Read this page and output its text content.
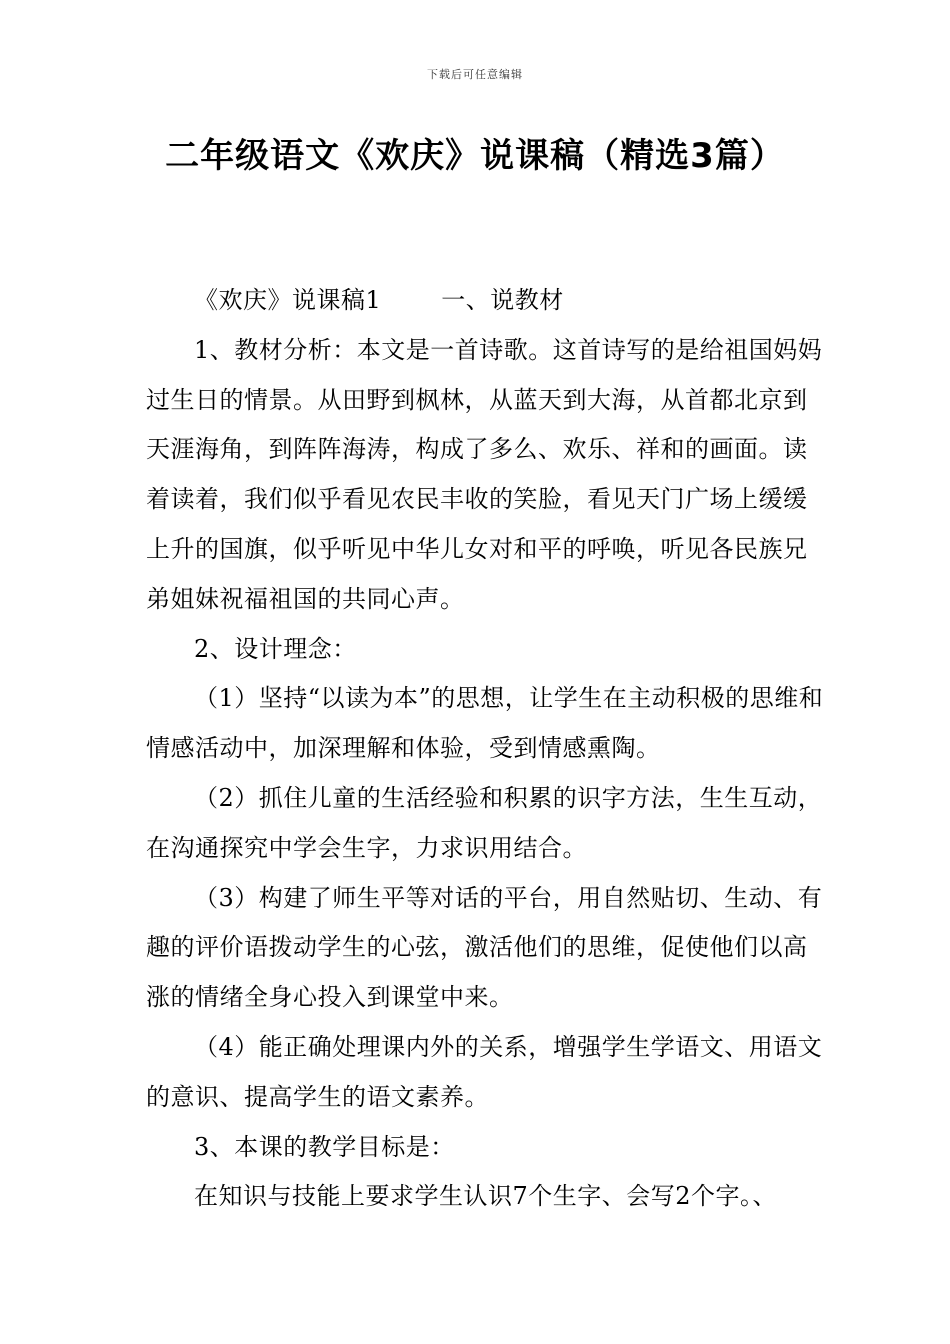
下载后可任意编辑
二年级语文《欢庆》说课稿（精选3篇）

《欢庆》说课稿1	一、说教材

1、教材分析：本文是一首诗歌。这首诗写的是给祖国妈妈过生日的情景。从田野到枫林，从蓝天到大海，从首都北京到天涯海角，到阵阵海涛，构成了多么、欢乐、祥和的画面。读着读着，我们似乎看见农民丰收的笑脸，看见天门广场上缓缓上升的国旗，似乎听见中华儿女对和平的呼唤，听见各民族兄弟姐妹祝福祖国的共同心声。

2、设计理念：

（1）坚持“以读为本”的思想，让学生在主动积极的思维和情感活动中，加深理解和体验，受到情感熏陶。

（2）抓住儿童的生活经验和积累的识字方法，生生互动，在沟通探究中学会生字，力求识用结合。

（3）构建了师生平等对话的平台，用自然贴切、生动、有趣的评价语拨动学生的心弦，激活他们的思维，促使他们以高涨的情绪全身心投入到课堂中来。

（4）能正确处理课内外的关系，增强学生学语文、用语文的意识、提高学生的语文素养。

3、本课的教学目标是：

在知识与技能上要求学生认识7个生字、会写2个字。、
